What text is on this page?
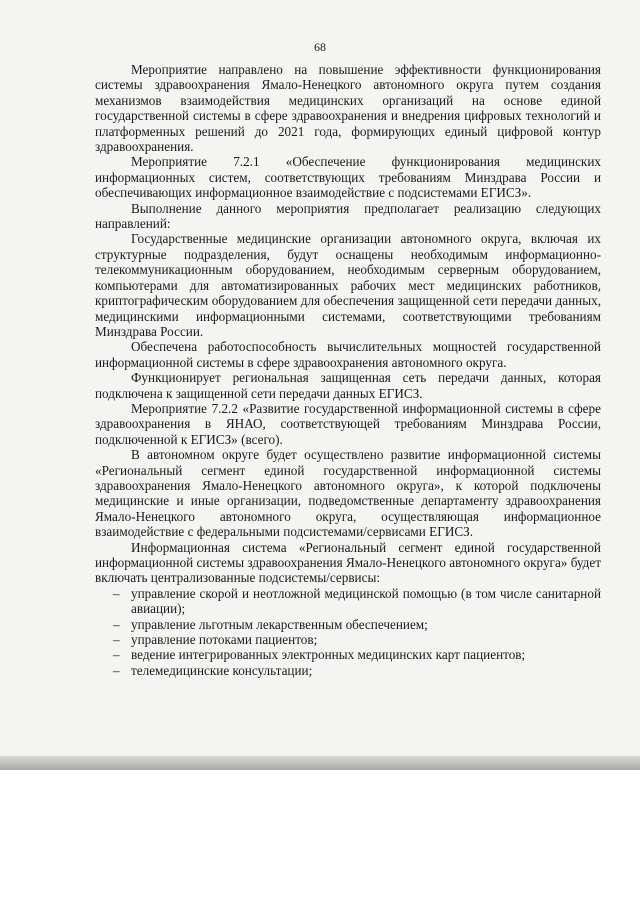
68

Мероприятие направлено на повышение эффективности функционирования системы здравоохранения Ямало-Ненецкого автономного округа путем создания механизмов взаимодействия медицинских организаций на основе единой государственной системы в сфере здравоохранения и внедрения цифровых технологий и платформенных решений до 2021 года, формирующих единый цифровой контур здравоохранения.

Мероприятие 7.2.1 «Обеспечение функционирования медицинских информационных систем, соответствующих требованиям Минздрава России и обеспечивающих информационное взаимодействие с подсистемами ЕГИСЗ».

Выполнение данного мероприятия предполагает реализацию следующих направлений:

Государственные медицинские организации автономного округа, включая их структурные подразделения, будут оснащены необходимым информационно-телекоммуникационным оборудованием, необходимым серверным оборудованием, компьютерами для автоматизированных рабочих мест медицинских работников, криптографическим оборудованием для обеспечения защищенной сети передачи данных, медицинскими информационными системами, соответствующими требованиям Минздрава России.

Обеспечена работоспособность вычислительных мощностей государственной информационной системы в сфере здравоохранения автономного округа.

Функционирует региональная защищенная сеть передачи данных, которая подключена к защищенной сети передачи данных ЕГИСЗ.

Мероприятие 7.2.2 «Развитие государственной информационной системы в сфере здравоохранения в ЯНАО, соответствующей требованиям Минздрава России, подключенной к ЕГИСЗ» (всего).

В автономном округе будет осуществлено развитие информационной системы «Региональный сегмент единой государственной информационной системы здравоохранения Ямало-Ненецкого автономного округа», к которой подключены медицинские и иные организации, подведомственные департаменту здравоохранения Ямало-Ненецкого автономного округа, осуществляющая информационное взаимодействие с федеральными подсистемами/сервисами ЕГИСЗ.

Информационная система «Региональный сегмент единой государственной информационной системы здравоохранения Ямало-Ненецкого автономного округа» будет включать централизованные подсистемы/сервисы:

– управление скорой и неотложной медицинской помощью (в том числе санитарной авиации);
– управление льготным лекарственным обеспечением;
– управление потоками пациентов;
– ведение интегрированных электронных медицинских карт пациентов;
– телемедицинские консультации;
